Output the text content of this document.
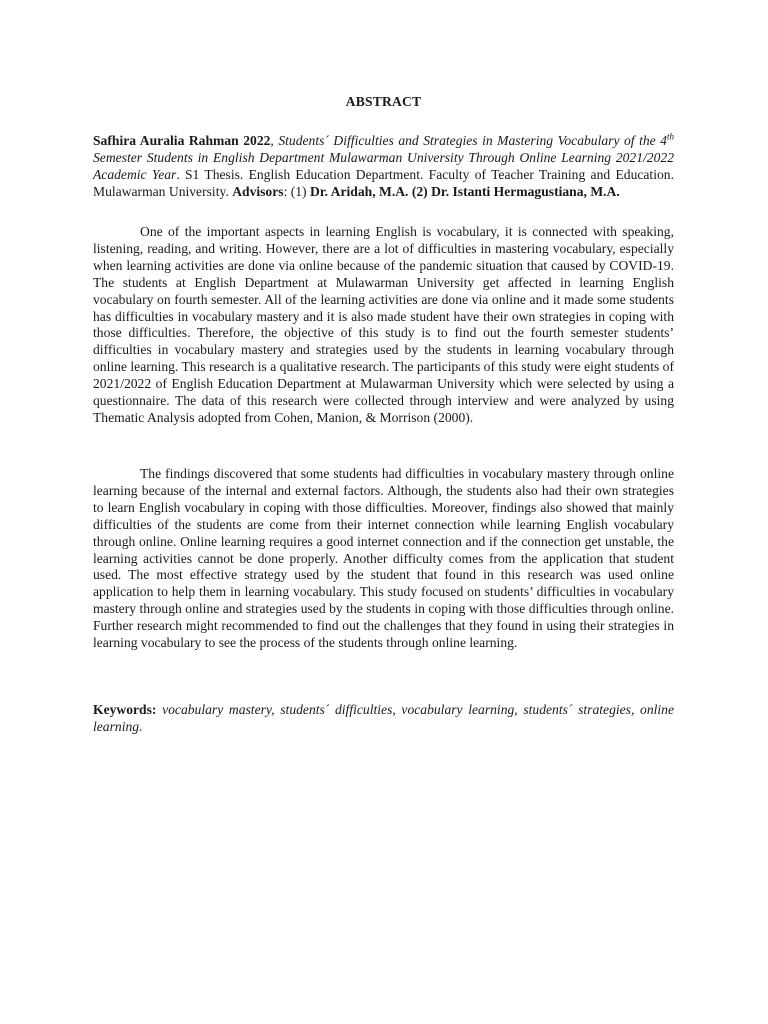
ABSTRACT
Safhira Auralia Rahman 2022, Students´ Difficulties and Strategies in Mastering Vocabulary of the 4th Semester Students in English Department Mulawarman University Through Online Learning 2021/2022 Academic Year. S1 Thesis. English Education Department. Faculty of Teacher Training and Education. Mulawarman University. Advisors: (1) Dr. Aridah, M.A. (2) Dr. Istanti Hermagustiana, M.A.
One of the important aspects in learning English is vocabulary, it is connected with speaking, listening, reading, and writing. However, there are a lot of difficulties in mastering vocabulary, especially when learning activities are done via online because of the pandemic situation that caused by COVID-19. The students at English Department at Mulawarman University get affected in learning English vocabulary on fourth semester. All of the learning activities are done via online and it made some students has difficulties in vocabulary mastery and it is also made student have their own strategies in coping with those difficulties. Therefore, the objective of this study is to find out the fourth semester students’ difficulties in vocabulary mastery and strategies used by the students in learning vocabulary through online learning. This research is a qualitative research. The participants of this study were eight students of 2021/2022 of English Education Department at Mulawarman University which were selected by using a questionnaire. The data of this research were collected through interview and were analyzed by using Thematic Analysis adopted from Cohen, Manion, & Morrison (2000).
The findings discovered that some students had difficulties in vocabulary mastery through online learning because of the internal and external factors. Although, the students also had their own strategies to learn English vocabulary in coping with those difficulties. Moreover, findings also showed that mainly difficulties of the students are come from their internet connection while learning English vocabulary through online. Online learning requires a good internet connection and if the connection get unstable, the learning activities cannot be done properly. Another difficulty comes from the application that student used. The most effective strategy used by the student that found in this research was used online application to help them in learning vocabulary. This study focused on students’ difficulties in vocabulary mastery through online and strategies used by the students in coping with those difficulties through online. Further research might recommended to find out the challenges that they found in using their strategies in learning vocabulary to see the process of the students through online learning.
Keywords: vocabulary mastery, students´ difficulties, vocabulary learning, students´ strategies, online learning.
